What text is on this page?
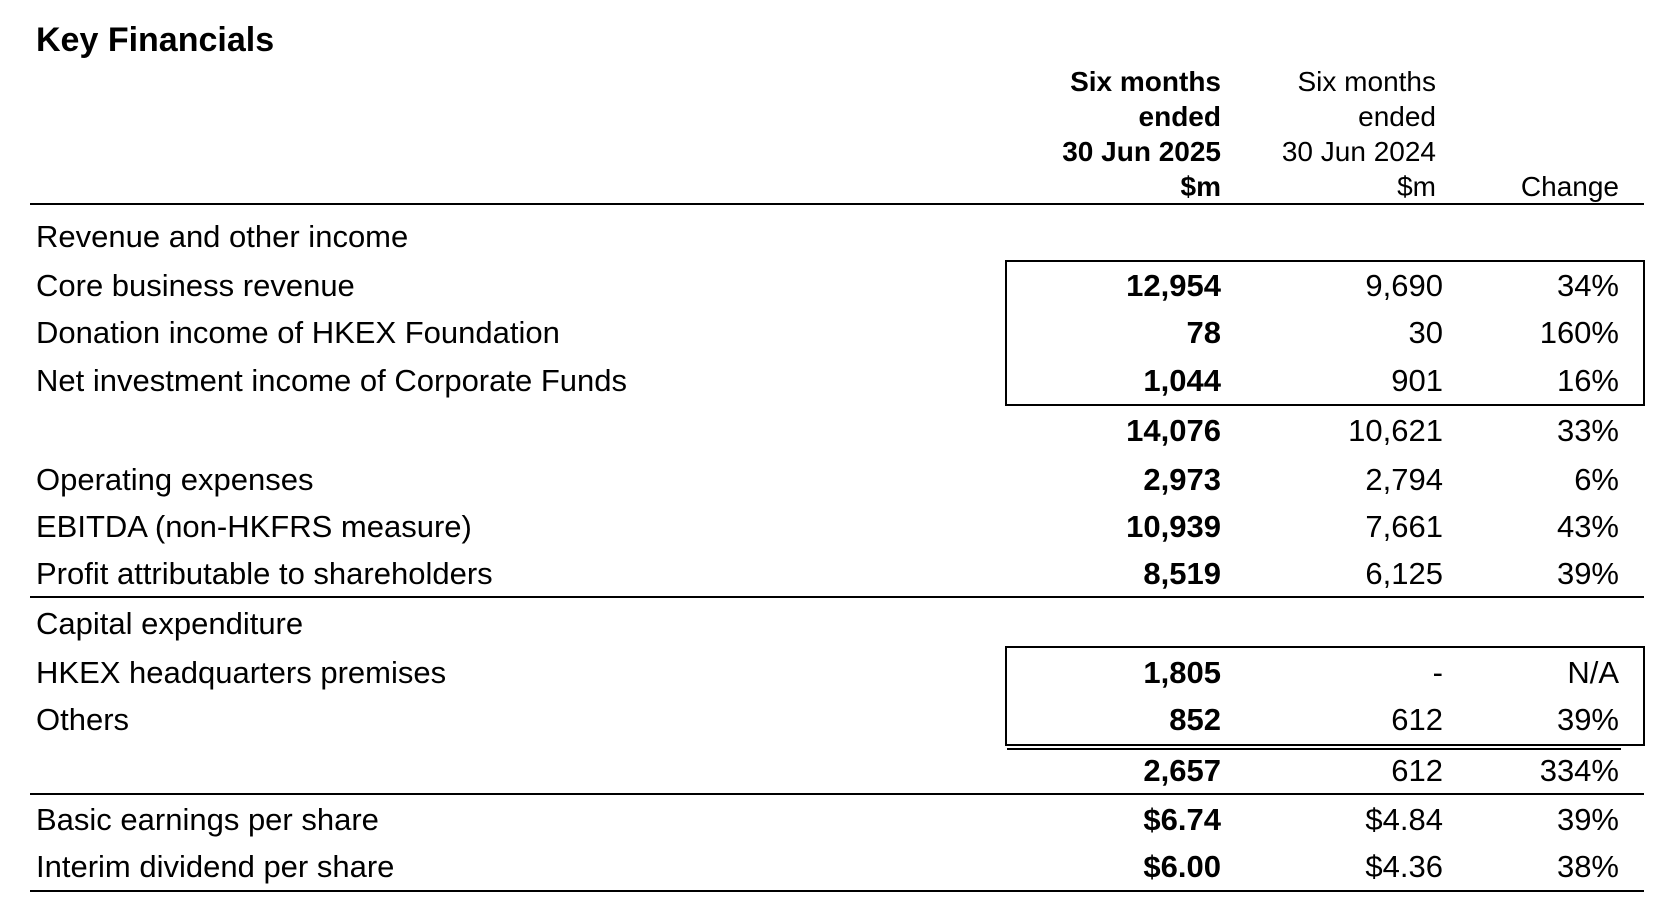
Key Financials
Six months
ended
30 Jun 2025
$m
Six months
ended
30 Jun 2024
$m	Change
Revenue and other income
Core business revenue	12,954	9,690	34%
Donation income of HKEX Foundation	78	30	160%
Net investment income of Corporate Funds	1,044	901	16%
14,076	10,621	33%
Operating expenses	2,973	2,794	6%
EBITDA (non-HKFRS measure)	10,939	7,661	43%
Profit attributable to shareholders	8,519	6,125	39%
Capital expenditure
HKEX headquarters premises	1,805	-	N/A
Others	852	612	39%
2,657	612	334%
Basic earnings per share	$6.74	$4.84	39%
Interim dividend per share	$6.00	$4.36	38%
